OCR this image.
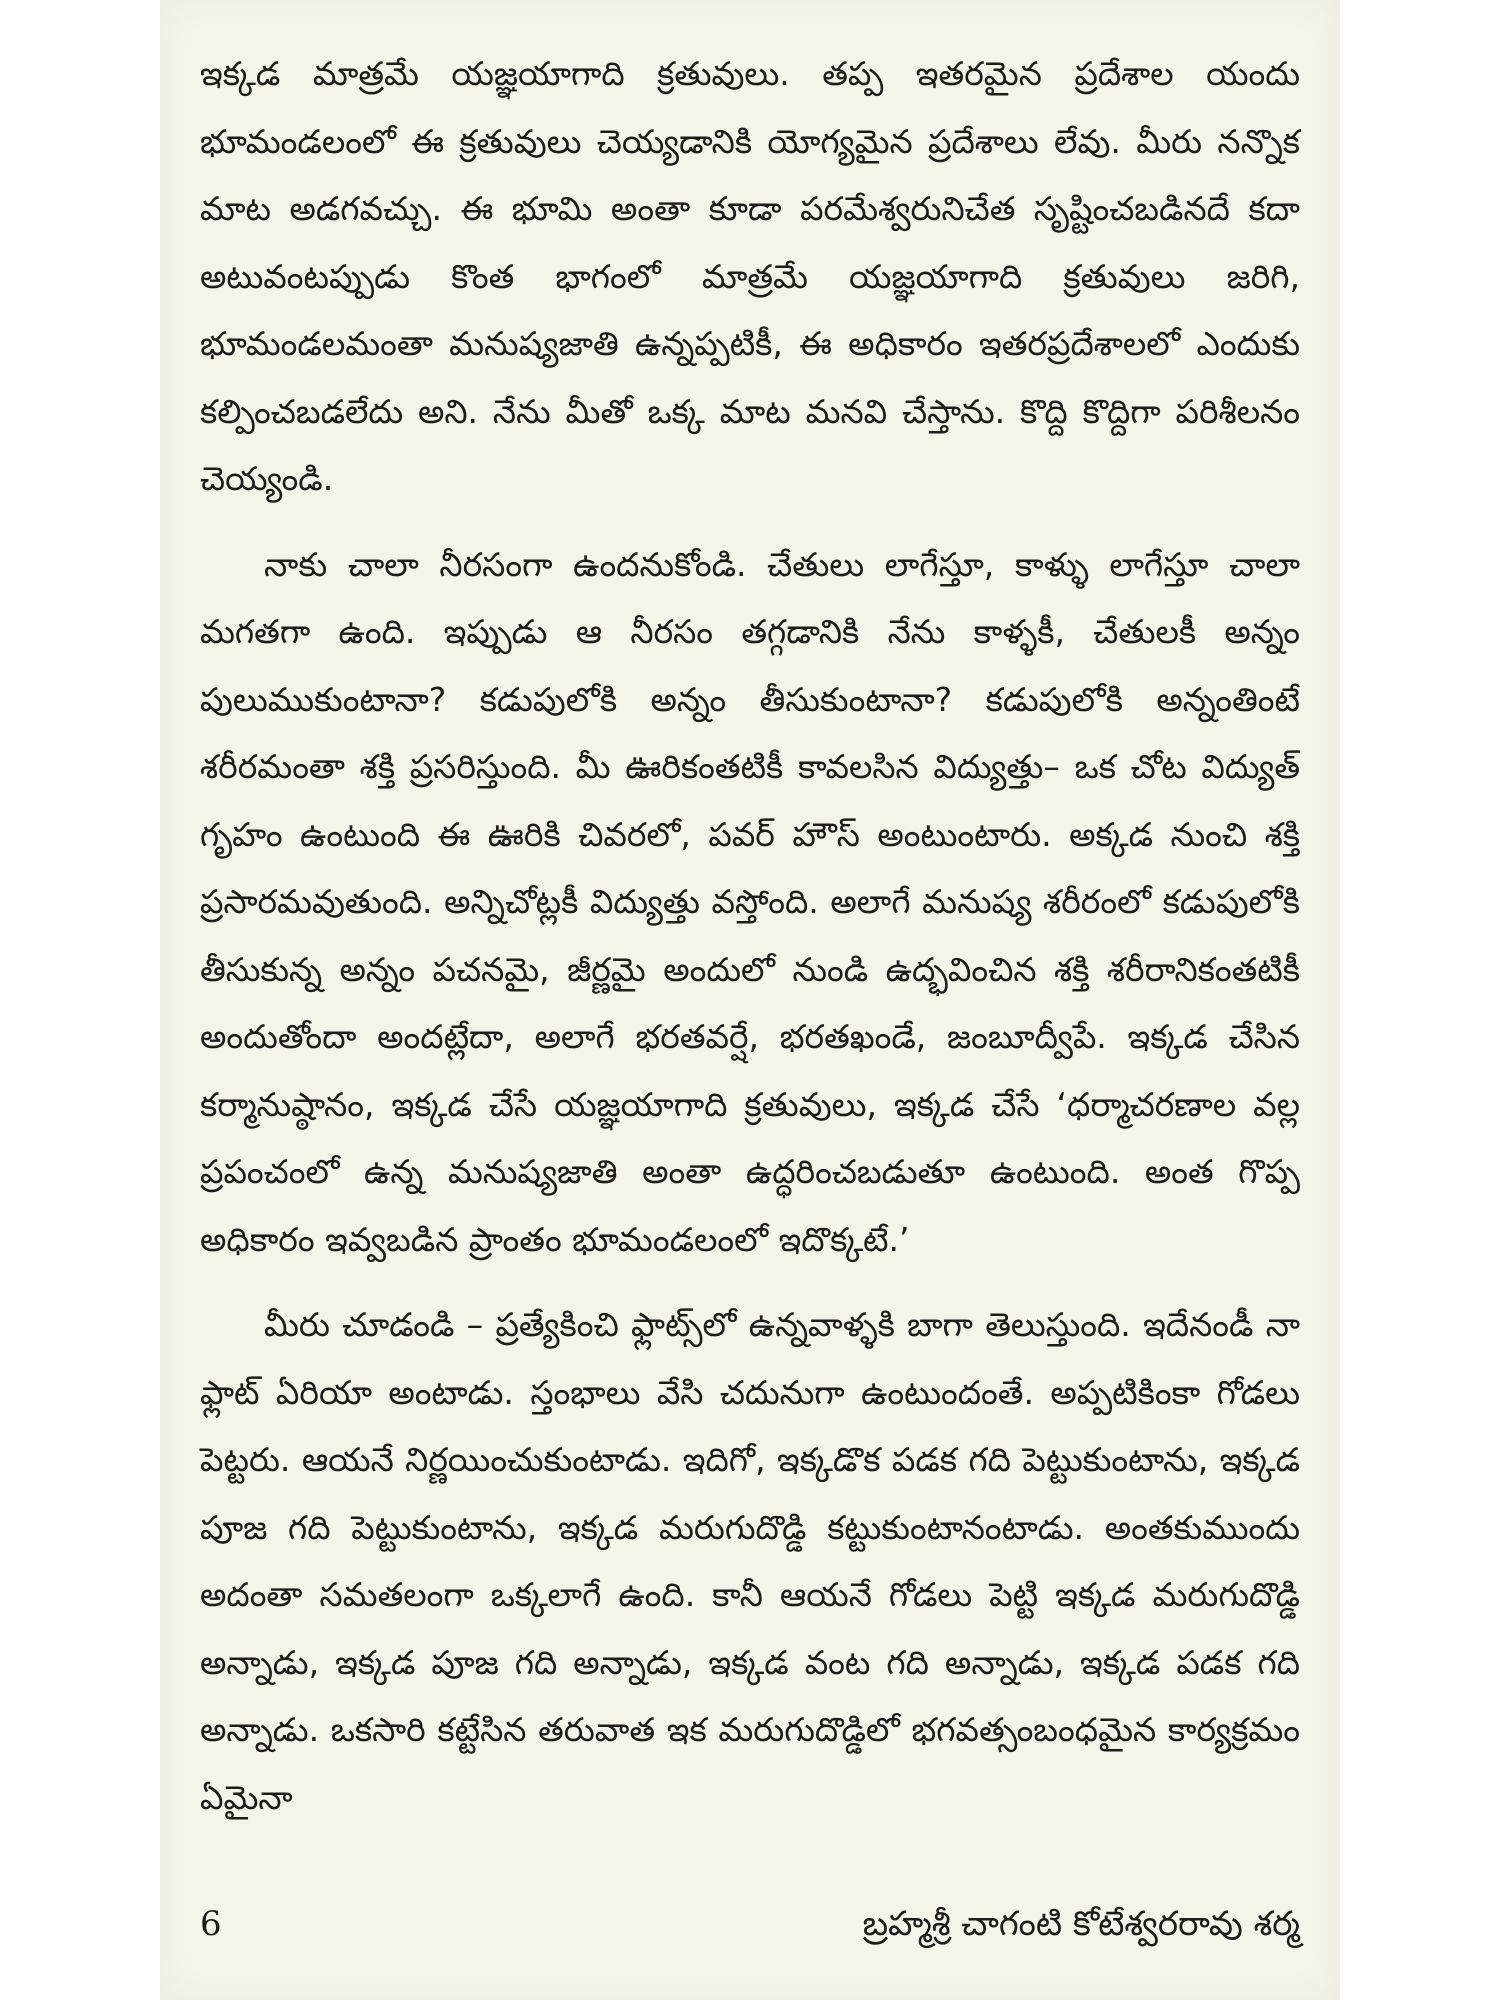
ఇక్కడ మాత్రమే యజ్ఞయాగాది క్రతువులు. తప్ప ఇతరమైన ప్రదేశాల యందు భూమండలంలో ఈ క్రతువులు చెయ్యడానికి యోగ్యమైన ప్రదేశాలు లేవు. మీరు నన్నొక మాట అడగవచ్చు. ఈ భూమి అంతా కూడా పరమేశ్వరునిచేత సృష్టించబడినదే కదా అటువంటప్పుడు కొంత భాగంలో మాత్రమే యజ్ఞయాగాది క్రతువులు జరిగి, భూమండలమంతా మనుష్యజాతి ఉన్నప్పటికీ, ఈ అధికారం ఇతరప్రదేశాలలో ఎందుకు కల్పించబడలేదు అని. నేను మీతో ఒక్క మాట మనవి చేస్తాను. కొద్ది కొద్దిగా పరిశీలనం చెయ్యండి.

నాకు చాలా నీరసంగా ఉందనుకోండి. చేతులు లాగేస్తూ, కాళ్ళు లాగేస్తూ చాలా మగతగా ఉంది. ఇప్పుడు ఆ నీరసం తగ్గడానికి నేను కాళ్ళకీ, చేతులకీ అన్నం పులుముకుంటానా? కడుపులోకి అన్నం తీసుకుంటానా? కడుపులోకి అన్నంతింటే శరీరమంతా శక్తి ప్రసరిస్తుంది. మీ ఊరికంతటికీ కావలసిన విద్యుత్తు– ఒక చోట విద్యుత్ గృహం ఉంటుంది ఈ ఊరికి చివరలో, పవర్ హౌస్ అంటుంటారు. అక్కడ నుంచి శక్తి ప్రసారమవుతుంది. అన్నిచోట్లకీ విద్యుత్తు వస్తోంది. అలాగే మనుష్య శరీరంలో కడుపులోకి తీసుకున్న అన్నం పచనమై, జీర్ణమై అందులో నుండి ఉద్భవించిన శక్తి శరీరానికంతటికీ అందుతోందా అందట్లేదా, అలాగే భరతవర్షే, భరతఖండే, జంబూద్వీపే. ఇక్కడ చేసిన కర్మానుష్ఠానం, ఇక్కడ చేసే యజ్ఞయాగాది క్రతువులు, ఇక్కడ చేసే ‘ధర్మాచరణాల వల్ల ప్రపంచంలో ఉన్న మనుష్యజాతి అంతా ఉద్ధరించబడుతూ ఉంటుంది. అంత గొప్ప అధికారం ఇవ్వబడిన ప్రాంతం భూమండలంలో ఇదొక్కటే.’

మీరు చూడండి – ప్రత్యేకించి ఫ్లాట్స్‌లో ఉన్నవాళ్ళకి బాగా తెలుస్తుంది. ఇదేనండీ నా ఫ్లాట్ ఏరియా అంటాడు. స్తంభాలు వేసి చదునుగా ఉంటుందంతే. అప్పటికింకా గోడలు పెట్టరు. ఆయనే నిర్ణయించుకుంటాడు. ఇదిగో, ఇక్కడొక పడక గది పెట్టుకుంటాను, ఇక్కడ పూజ గది పెట్టుకుంటాను, ఇక్కడ మరుగుదొడ్డి కట్టుకుంటానంటాడు. అంతకుముందు అదంతా సమతలంగా ఒక్కలాగే ఉంది. కానీ ఆయనే గోడలు పెట్టి ఇక్కడ మరుగుదొడ్డి అన్నాడు, ఇక్కడ పూజ గది అన్నాడు, ఇక్కడ వంట గది అన్నాడు, ఇక్కడ పడక గది అన్నాడు. ఒకసారి కట్టేసిన తరువాత ఇక మరుగుదొడ్డిలో భగవత్సంబంధమైన కార్యక్రమం ఏమైనా

6	బ్రహ్మశ్రీ చాగంటి కోటేశ్వరరావు శర్మ
